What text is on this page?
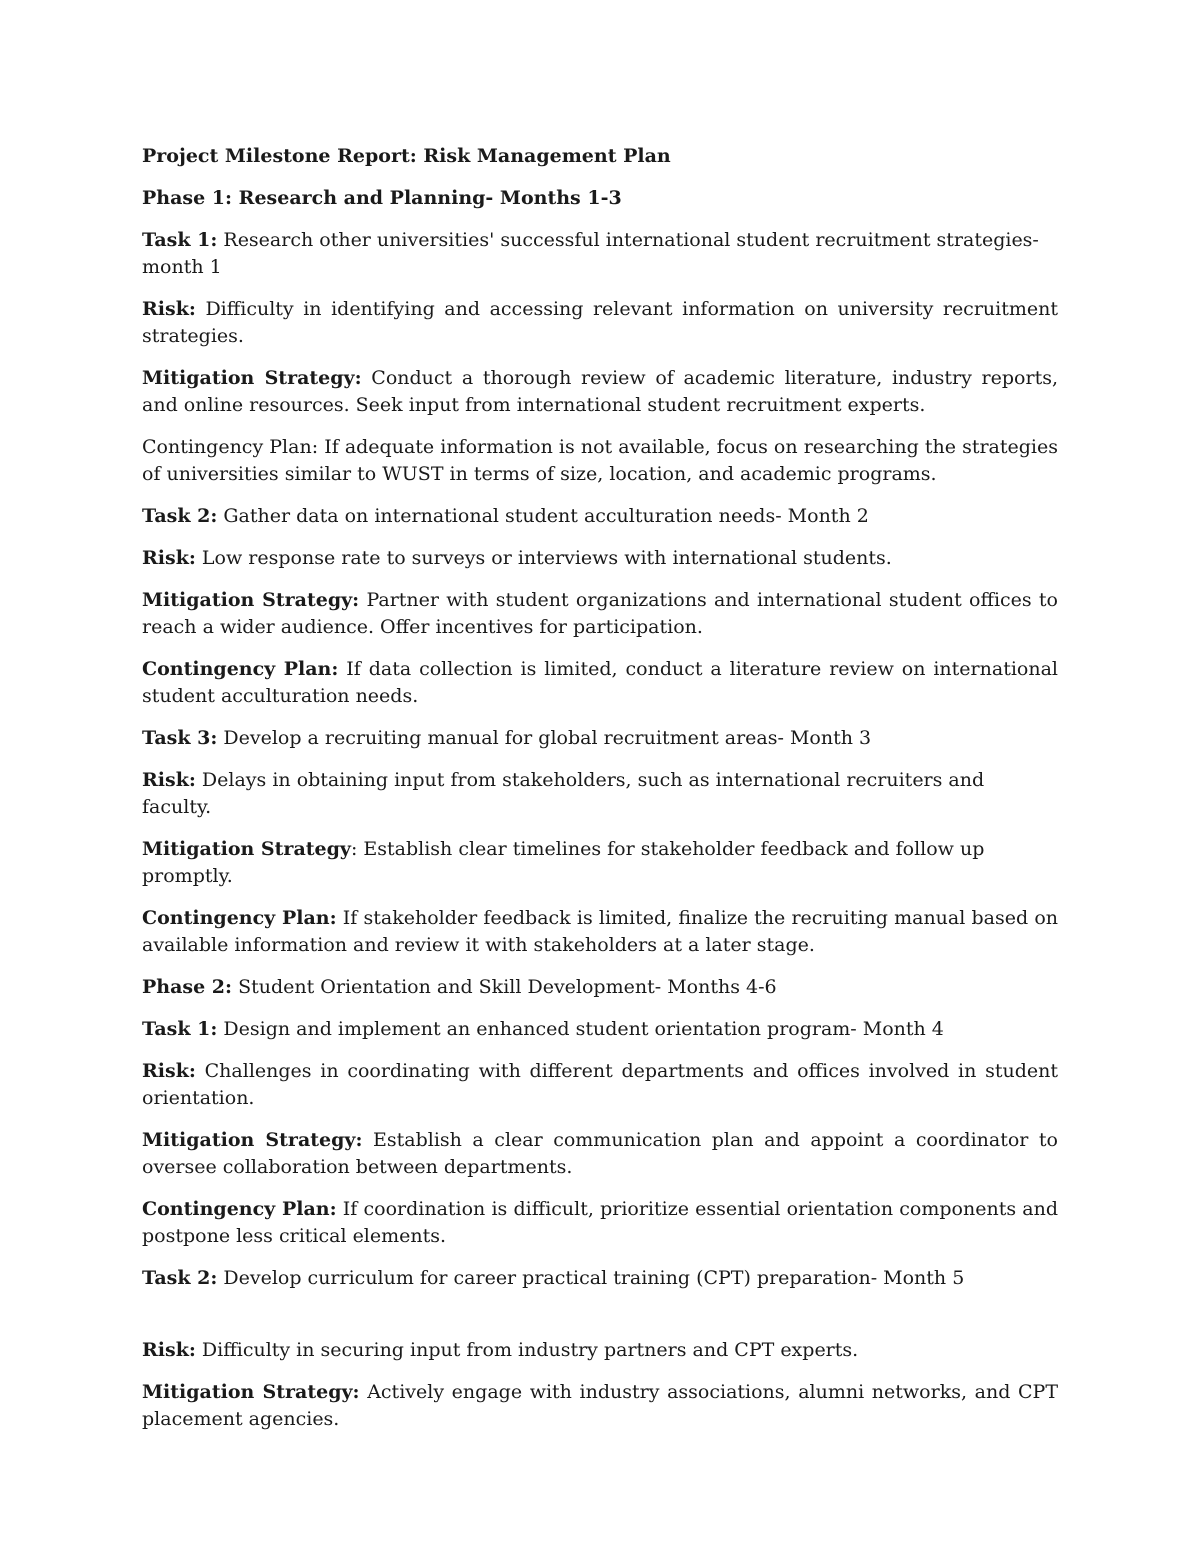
Project Milestone Report: Risk Management Plan

Phase 1: Research and Planning- Months 1-3

Task 1: Research other universities' successful international student recruitment strategies- month 1

Risk: Difficulty in identifying and accessing relevant information on university recruitment strategies.

Mitigation Strategy: Conduct a thorough review of academic literature, industry reports, and online resources. Seek input from international student recruitment experts.

Contingency Plan: If adequate information is not available, focus on researching the strategies of universities similar to WUST in terms of size, location, and academic programs.

Task 2: Gather data on international student acculturation needs- Month 2

Risk: Low response rate to surveys or interviews with international students.

Mitigation Strategy: Partner with student organizations and international student offices to reach a wider audience. Offer incentives for participation.

Contingency Plan: If data collection is limited, conduct a literature review on international student acculturation needs.

Task 3: Develop a recruiting manual for global recruitment areas- Month 3

Risk: Delays in obtaining input from stakeholders, such as international recruiters and faculty.

Mitigation Strategy: Establish clear timelines for stakeholder feedback and follow up promptly.

Contingency Plan: If stakeholder feedback is limited, finalize the recruiting manual based on available information and review it with stakeholders at a later stage.

Phase 2: Student Orientation and Skill Development- Months 4-6

Task 1: Design and implement an enhanced student orientation program- Month 4

Risk: Challenges in coordinating with different departments and offices involved in student orientation.

Mitigation Strategy: Establish a clear communication plan and appoint a coordinator to oversee collaboration between departments.

Contingency Plan: If coordination is difficult, prioritize essential orientation components and postpone less critical elements.

Task 2: Develop curriculum for career practical training (CPT) preparation- Month 5

Risk: Difficulty in securing input from industry partners and CPT experts.

Mitigation Strategy: Actively engage with industry associations, alumni networks, and CPT placement agencies.
